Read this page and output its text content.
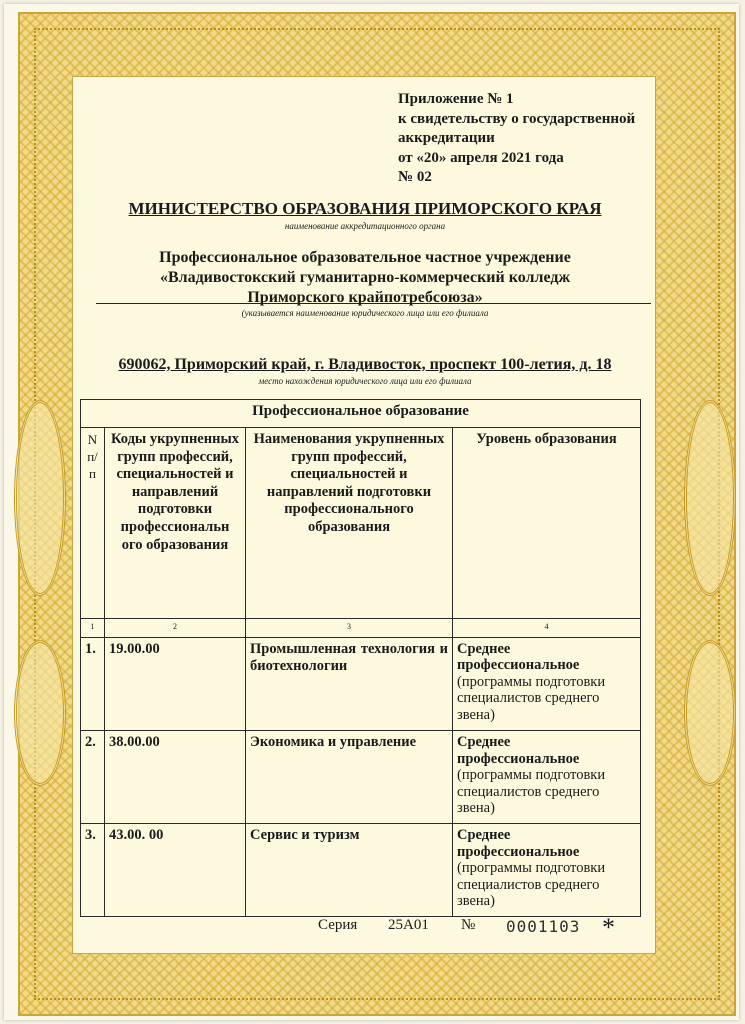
Приложение № 1
к свидетельству о государственной
аккредитации
от «20» апреля 2021 года
№ 02
МИНИСТЕРСТВО ОБРАЗОВАНИЯ ПРИМОРСКОГО КРАЯ
наименование аккредитационного органа
Профессиональное образовательное частное учреждение
«Владивостокский гуманитарно-коммерческий колледж
Приморского крайпотребсоюза»
(указывается наименование юридического лица или его филиала
690062, Приморский край, г. Владивосток, проспект 100-летия, д. 18
место нахождения юридического лица или его филиала
Профессиональное образование			
N п/п	Коды укрупненных групп профессий, специальностей и направлений подготовки профессиональн ого образования	Наименования укрупненных групп профессий, специальностей и направлений подготовки профессионального образования	Уровень образования
1	2	3	4
1.	19.00.00	Промышленная технология и биотехнологии	Среднее профессиональное
(программы подготовки специалистов среднего звена)
2.	38.00.00	Экономика и управление	Среднее профессиональное
(программы подготовки специалистов среднего звена)
3.	43.00. 00	Сервис и туризм	Среднее профессиональное
(программы подготовки специалистов среднего звена)
Серия 25А01 № 0001103 *
